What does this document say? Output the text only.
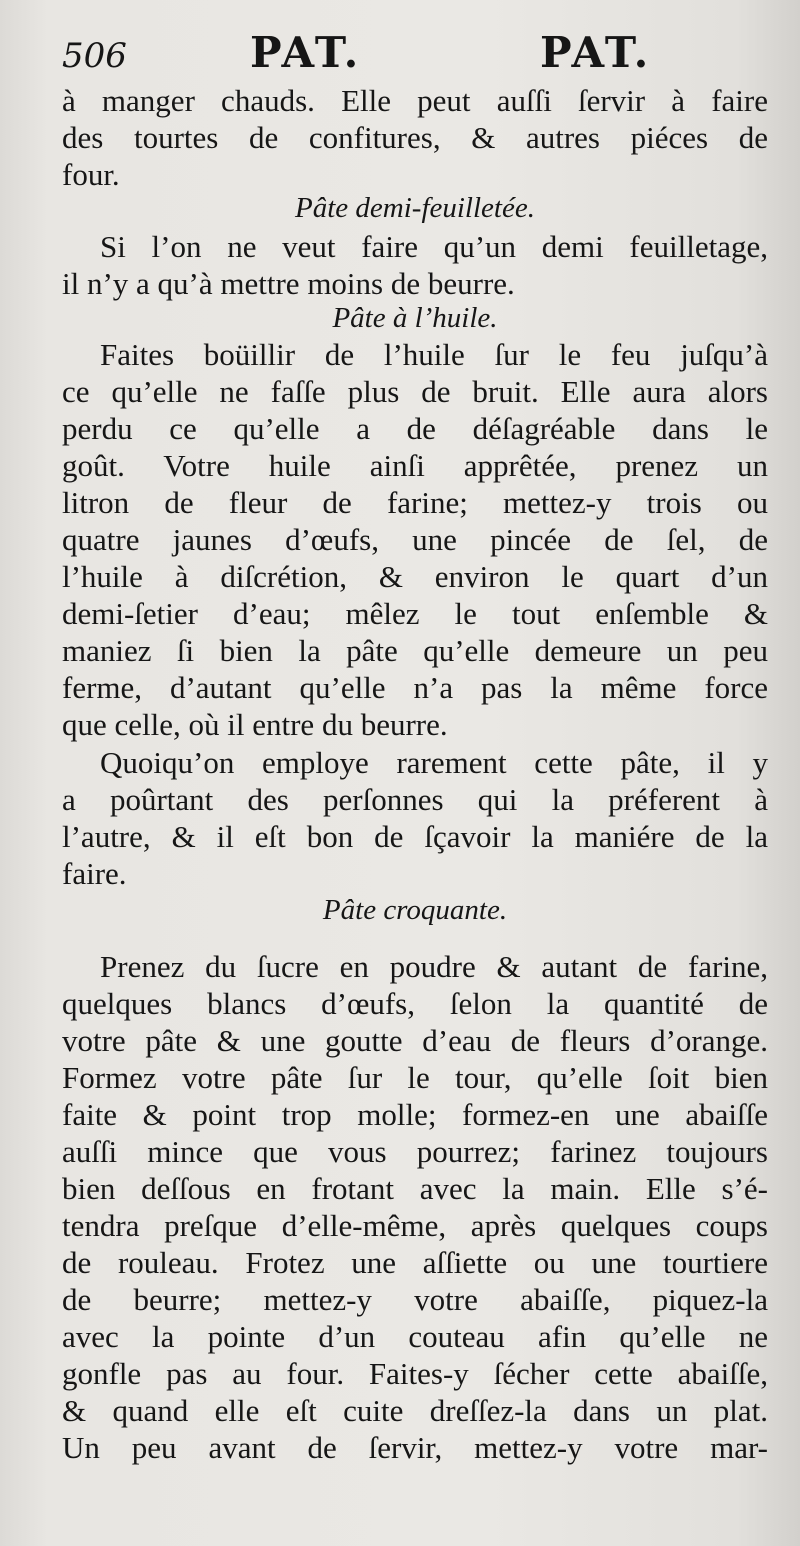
506	PAT.	PAT.
à manger chauds. Elle peut auſſi ſervir à faire
des tourtes de confitures, & autres piéces de
four.
Pâte demi-feuilletée.
Si l’on ne veut faire qu’un demi feuilletage,
il n’y a qu’à mettre moins de beurre.
Pâte à l’huile.
Faites boüillir de l’huile ſur le feu juſqu’à
ce qu’elle ne faſſe plus de bruit. Elle aura alors
perdu ce qu’elle a de déſagréable dans le
goût. Votre huile ainſi apprêtée, prenez un
litron de fleur de farine; mettez-y trois ou
quatre jaunes d’œufs, une pincée de ſel, de
l’huile à diſcrétion, & environ le quart d’un
demi-ſetier d’eau; mêlez le tout enſemble &
maniez ſi bien la pâte qu’elle demeure un peu
ferme, d’autant qu’elle n’a pas la même force
que celle, où il entre du beurre.
Quoiqu’on employe rarement cette pâte, il y
a poûrtant des perſonnes qui la préferent à
l’autre, & il eſt bon de ſçavoir la maniére de la
faire.
Pâte croquante.
Prenez du ſucre en poudre & autant de farine,
quelques blancs d’œufs, ſelon la quantité de
votre pâte & une goutte d’eau de fleurs d’orange.
Formez votre pâte ſur le tour, qu’elle ſoit bien
faite & point trop molle; formez-en une abaiſſe
auſſi mince que vous pourrez; farinez toujours
bien deſſous en frotant avec la main. Elle s’é-
tendra preſque d’elle-même, après quelques coups
de rouleau. Frotez une aſſiette ou une tourtiere
de beurre; mettez-y votre abaiſſe, piquez-la
avec la pointe d’un couteau afin qu’elle ne
gonfle pas au four. Faites-y ſécher cette abaiſſe,
& quand elle eſt cuite dreſſez-la dans un plat.
Un peu avant de ſervir, mettez-y votre mar-
